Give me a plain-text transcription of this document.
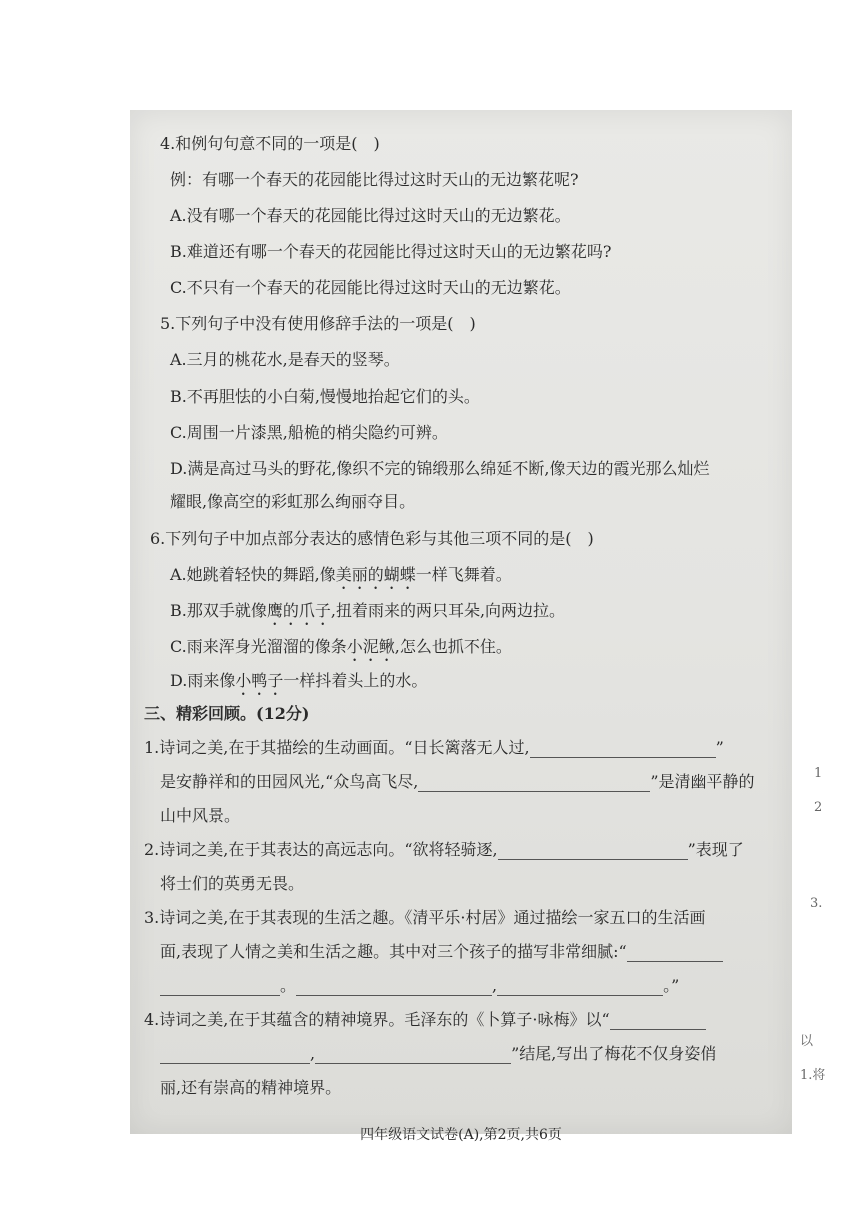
4.和例句句意不同的一项是(　)
例：有哪一个春天的花园能比得过这时天山的无边繁花呢?
A.没有哪一个春天的花园能比得过这时天山的无边繁花。
B.难道还有哪一个春天的花园能比得过这时天山的无边繁花吗?
C.不只有一个春天的花园能比得过这时天山的无边繁花。
5.下列句子中没有使用修辞手法的一项是(　)
A.三月的桃花水,是春天的竖琴。
B.不再胆怯的小白菊,慢慢地抬起它们的头。
C.周围一片漆黑,船桅的梢尖隐约可辨。
D.满是高过马头的野花,像织不完的锦缎那么绵延不断,像天边的霞光那么灿烂
耀眼,像高空的彩虹那么绚丽夺目。
6.下列句子中加点部分表达的感情色彩与其他三项不同的是(　)
A.她跳着轻快的舞蹈,像美丽的蝴蝶一样飞舞着。
B.那双手就像鹰的爪子,扭着雨来的两只耳朵,向两边拉。
C.雨来浑身光溜溜的像条小泥鳅,怎么也抓不住。
D.雨来像小鸭子一样抖着头上的水。
三、精彩回顾。(12分)
1.诗词之美,在于其描绘的生动画面。“日长篱落无人过,	”
是安静祥和的田园风光,“众鸟高飞尽,	”是清幽平静的
山中风景。
2.诗词之美,在于其表达的高远志向。“欲将轻骑逐,	”表现了
将士们的英勇无畏。
3.诗词之美,在于其表现的生活之趣。《清平乐·村居》通过描绘一家五口的生活画
面,表现了人情之美和生活之趣。其中对三个孩子的描写非常细腻:“
。	,	。”
4.诗词之美,在于其蕴含的精神境界。毛泽东的《卜算子·咏梅》以“
,	”结尾,写出了梅花不仅身姿俏
丽,还有崇高的精神境界。
四年级语文试卷(A),第2页,共6页
1
2
3.
以
1.将
